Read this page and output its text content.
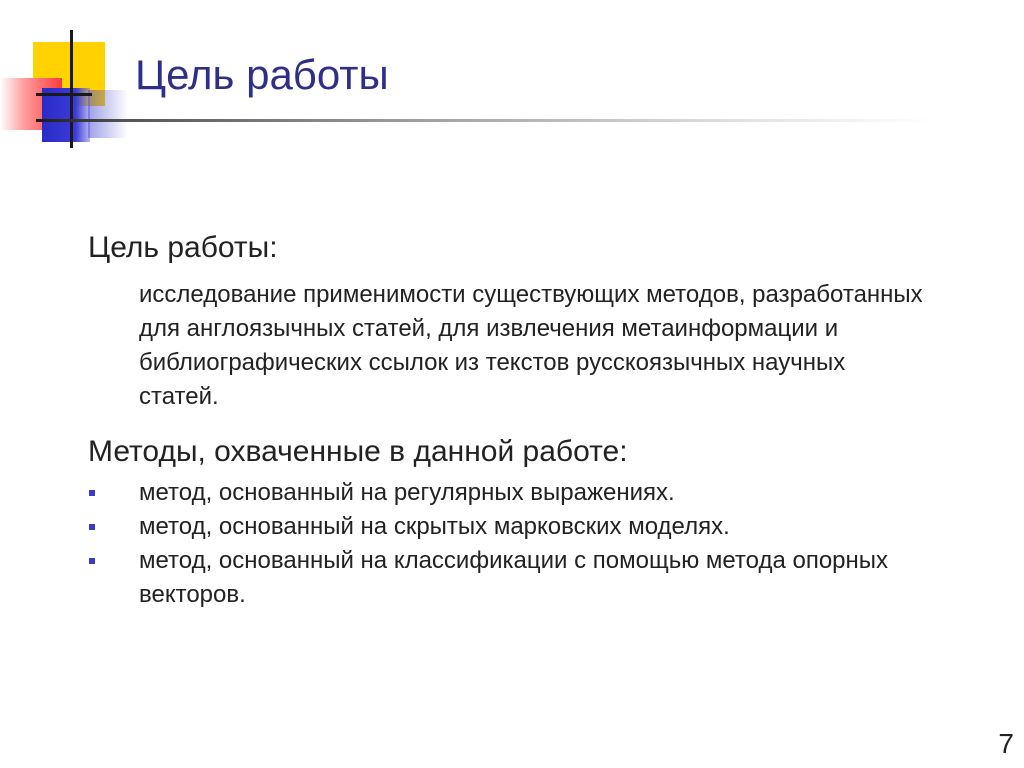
Цель работы
Цель работы:

исследование применимости существующих методов, разработанных для англоязычных статей, для извлечения метаинформации и библиографических ссылок из текстов русскоязычных научных статей.

Методы, охваченные в данной работе:
метод, основанный на регулярных выражениях.
метод, основанный на скрытых марковских моделях.
метод, основанный на классификации с помощью метода опорных векторов.
7
